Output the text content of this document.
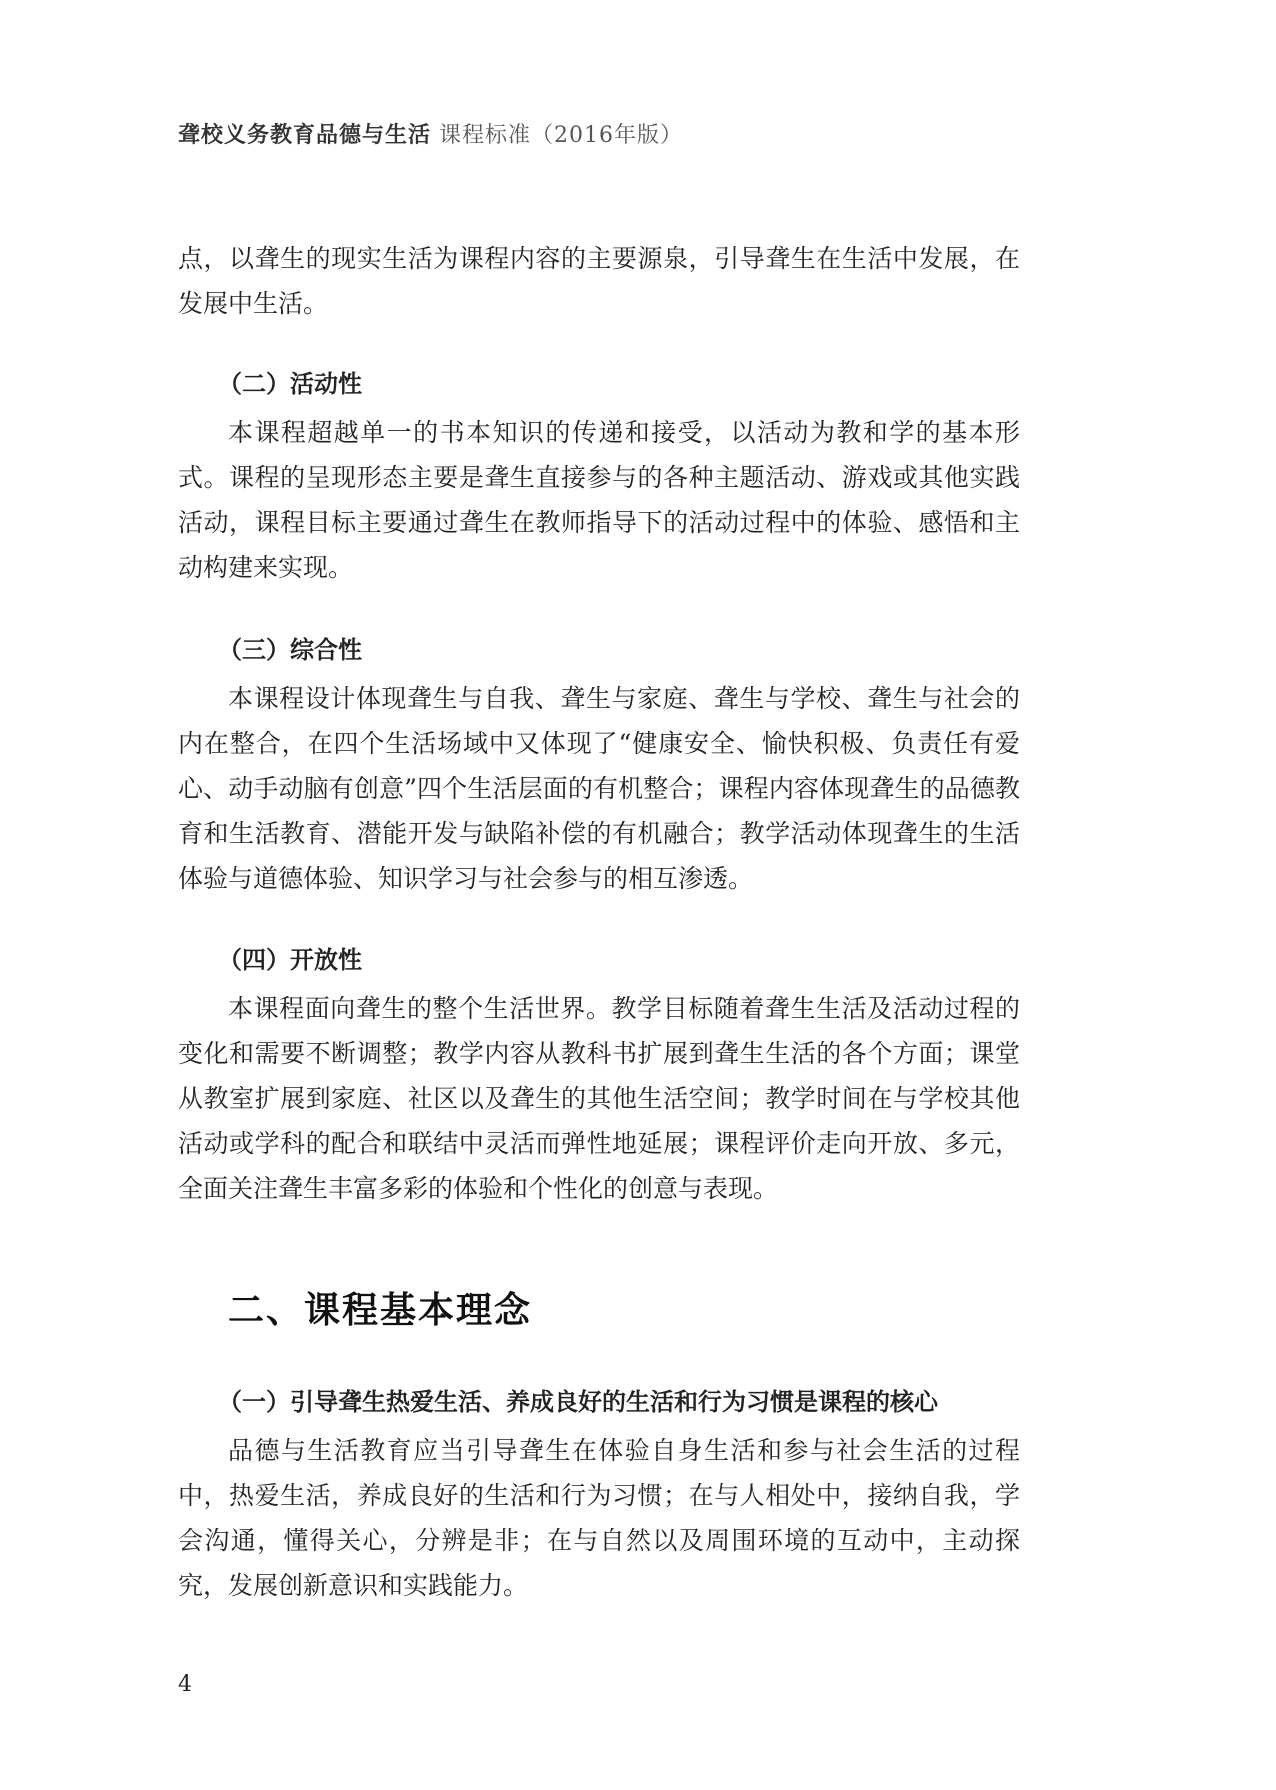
聋校义务教育品德与生活 课程标准（2016年版）

点，以聋生的现实生活为课程内容的主要源泉，引导聋生在生活中发展，在发展中生活。

（二）活动性

本课程超越单一的书本知识的传递和接受，以活动为教和学的基本形式。课程的呈现形态主要是聋生直接参与的各种主题活动、游戏或其他实践活动，课程目标主要通过聋生在教师指导下的活动过程中的体验、感悟和主动构建来实现。

（三）综合性

本课程设计体现聋生与自我、聋生与家庭、聋生与学校、聋生与社会的内在整合，在四个生活场域中又体现了“健康安全、愉快积极、负责任有爱心、动手动脑有创意”四个生活层面的有机整合；课程内容体现聋生的品德教育和生活教育、潜能开发与缺陷补偿的有机融合；教学活动体现聋生的生活体验与道德体验、知识学习与社会参与的相互渗透。

（四）开放性

本课程面向聋生的整个生活世界。教学目标随着聋生生活及活动过程的变化和需要不断调整；教学内容从教科书扩展到聋生生活的各个方面；课堂从教室扩展到家庭、社区以及聋生的其他生活空间；教学时间在与学校其他活动或学科的配合和联结中灵活而弹性地延展；课程评价走向开放、多元，全面关注聋生丰富多彩的体验和个性化的创意与表现。

二、课程基本理念
（一）引导聋生热爱生活、养成良好的生活和行为习惯是课程的核心

品德与生活教育应当引导聋生在体验自身生活和参与社会生活的过程中，热爱生活，养成良好的生活和行为习惯；在与人相处中，接纳自我，学会沟通，懂得关心，分辨是非；在与自然以及周围环境的互动中，主动探究，发展创新意识和实践能力。

4
